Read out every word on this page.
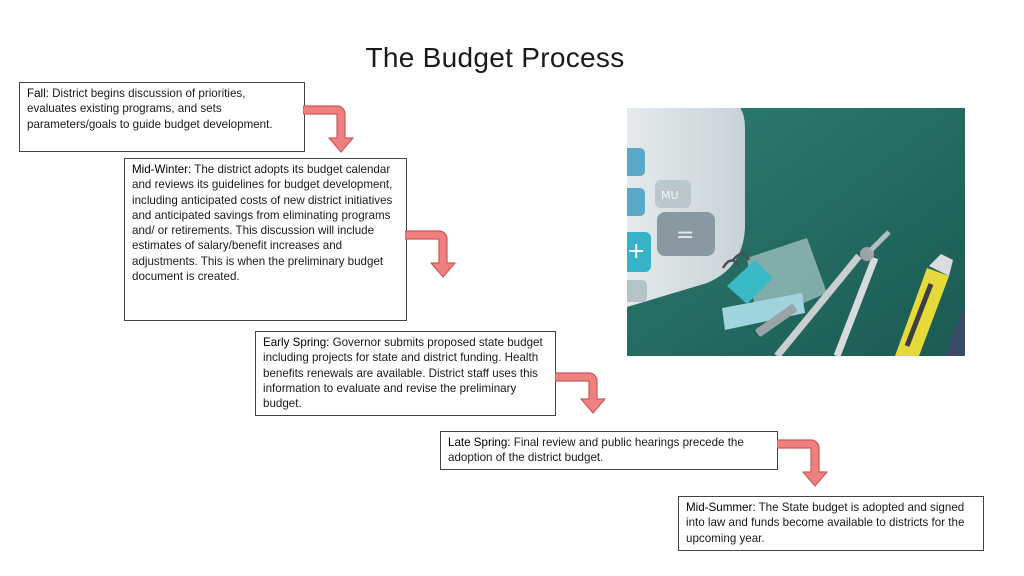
The Budget Process
Fall: District begins discussion of priorities, evaluates existing programs, and sets parameters/goals to guide budget development.
Mid-Winter: The district adopts its budget calendar and reviews its guidelines for budget development, including anticipated costs of new district initiatives and anticipated savings from eliminating programs and/ or retirements. This discussion will include estimates of salary/benefit increases and adjustments. This is when the preliminary budget document is created.
Early Spring: Governor submits proposed state budget including projects for state and district funding. Health benefits renewals are available. District staff uses this information to evaluate and revise the preliminary budget.
Late Spring: Final review and public hearings precede the adoption of the district budget.
Mid-Summer: The State budget is adopted and signed into law and funds become available to districts for the upcoming year.
MU
+
=
